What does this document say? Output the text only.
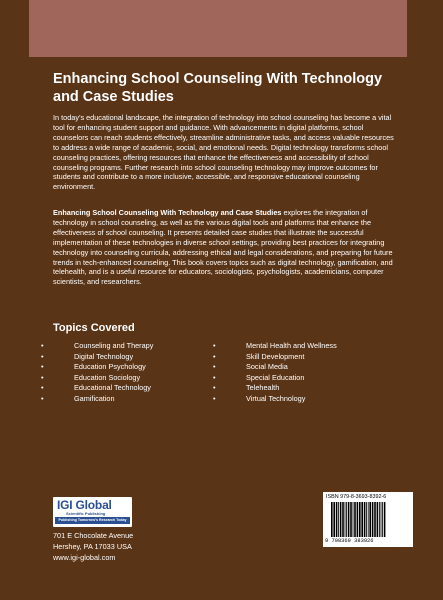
Enhancing School Counseling With Technology and Case Studies

In today’s educational landscape, the integration of technology into school counseling has become a vital tool for enhancing student support and guidance. With advancements in digital platforms, school counselors can reach students effectively, streamline administrative tasks, and access valuable resources to address a wide range of academic, social, and emotional needs. Digital technology transforms school counseling practices, offering resources that enhance the effectiveness and accessibility of school counseling programs. Further research into school counseling technology may improve outcomes for students and contribute to a more inclusive, accessible, and responsive educational counseling environment.

Enhancing School Counseling With Technology and Case Studies explores the integration of technology in school counseling, as well as the various digital tools and platforms that enhance the effectiveness of school counseling. It presents detailed case studies that illustrate the successful implementation of these technologies in diverse school settings, providing best practices for integrating technology into counseling curricula, addressing ethical and legal considerations, and preparing for future trends in tech-enhanced counseling. This book covers topics such as digital technology, gamification, and telehealth, and is a useful resource for educators, sociologists, psychologists, academicians, computer scientists, and researchers.

Topics Covered
• Counseling and Therapy
• Digital Technology
• Education Psychology
• Education Sociology
• Educational Technology
• Gamification
• Mental Health and Wellness
• Skill Development
• Social Media
• Special Education
• Telehealth
• Virtual Technology
IGI Global
Scientific Publishing
Publishing Tomorrow's Research Today
701 E Chocolate Avenue
Hershey, PA 17033 USA
www.igi-global.com
ISBN 979-8-3693-8392-6
9 798369 383926
